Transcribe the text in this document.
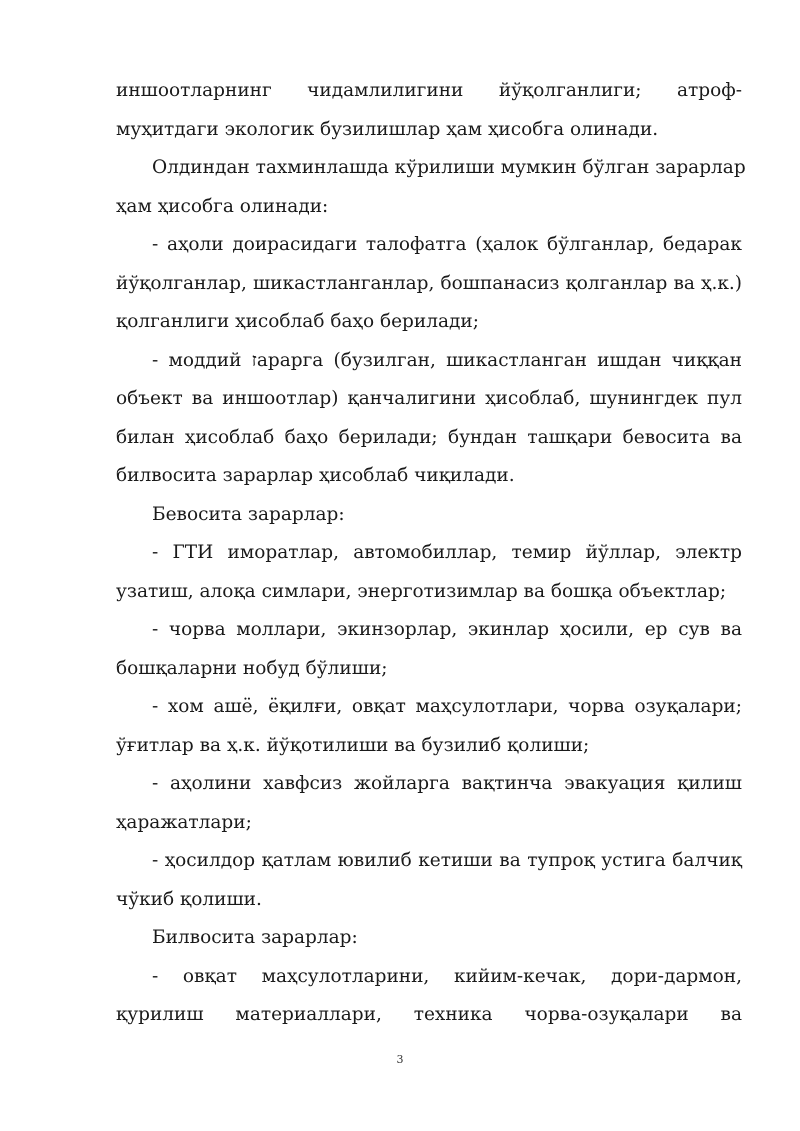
иншоотларнинг чидамлилигини йўқолганлиги; атроф-
муҳитдаги экологик бузилишлар ҳам ҳисобга олинади.
Олдиндан тахминлашда кўрилиши мумкин бўлган зарарлар
ҳам ҳисобга олинади:
- аҳоли доирасидаги талофатга (ҳалок бўлганлар, бедарак
йўқолганлар, шикастланганлар, бошпанасиз қолганлар ва ҳ.к.)
қолганлиги ҳисоблаб баҳо берилади;
- моддий זарарга (бузилган, шикастланган ишдан чиққан
объект ва иншоотлар) қанчалигини ҳисоблаб, шунингдек пул
билан ҳисоблаб баҳо берилади; бундан ташқари бевосита ва
билвосита зарарлар ҳисоблаб чиқилади.
Бевосита зарарлар:
- ГТИ иморатлар, автомобиллар, темир йўллар, электр
узатиш, алоқа симлари, энерготизимлар ва бошқа объектлар;
- чорва моллари, экинзорлар, экинлар ҳосили, ер сув ва
бошқаларни нобуд бўлиши;
- хом ашё, ёқилғи, овқат маҳсулотлари, чорва озуқалари;
ўғитлар ва ҳ.к. йўқотилиши ва бузилиб қолиши;
- аҳолини хавфсиз жойларга вақтинча эвакуация қилиш
ҳаражатлари;
- ҳосилдор қатлам ювилиб кетиши ва тупроқ устига балчиқ
чўкиб қолиши.
Билвосита зарарлар:
- овқат маҳсулотларини, кийим-кечак, дори-дармон,
қурилиш материаллари, техника чорва-озуқалари ва
3
